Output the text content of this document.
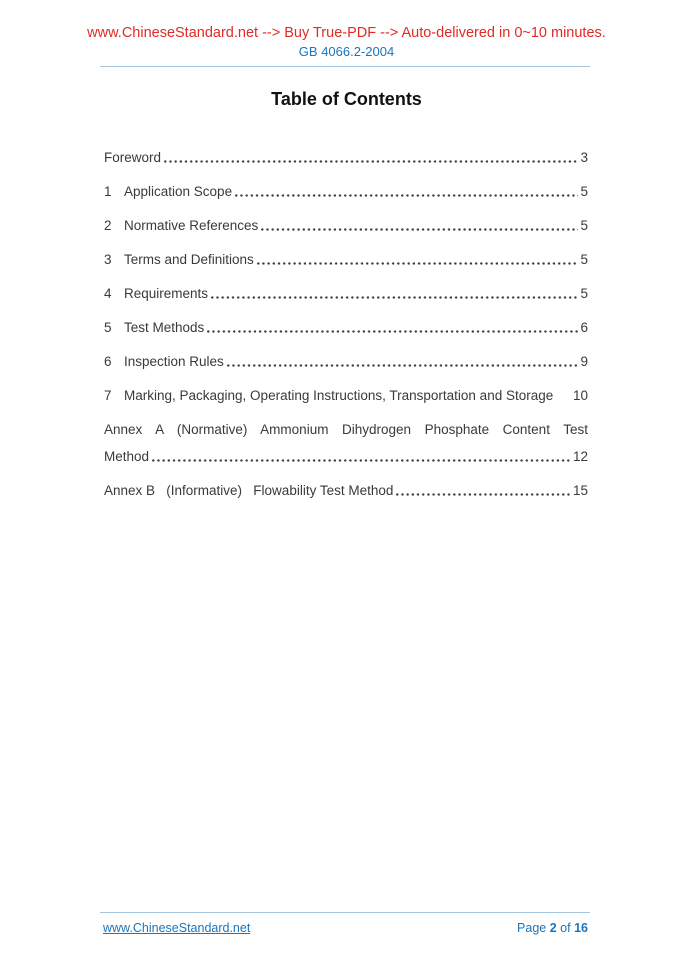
www.ChineseStandard.net --> Buy True-PDF --> Auto-delivered in 0~10 minutes.
GB 4066.2-2004
Table of Contents
Foreword	3
1 Application Scope	5
2 Normative References	5
3 Terms and Definitions	5
4 Requirements	5
5 Test Methods	6
6 Inspection Rules	9
7 Marking, Packaging, Operating Instructions, Transportation and Storage 10
Annex A (Normative) Ammonium Dihydrogen Phosphate Content Test
Method	12
Annex B   (Informative)   Flowability Test Method	15
www.ChineseStandard.net	Page 2 of 16
